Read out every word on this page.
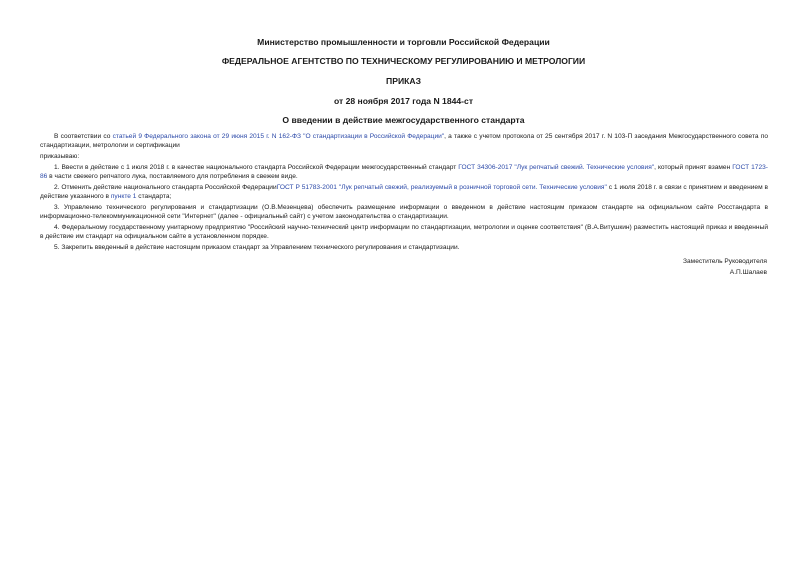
Министерство промышленности и торговли Российской Федерации
ФЕДЕРАЛЬНОЕ АГЕНТСТВО ПО ТЕХНИЧЕСКОМУ РЕГУЛИРОВАНИЮ И МЕТРОЛОГИИ
ПРИКАЗ
от 28 ноября 2017 года N 1844-ст
О введении в действие межгосударственного стандарта

В соответствии со статьей 9 Федерального закона от 29 июня 2015 г. N 162-ФЗ "О стандартизации в Российской Федерации", а также с учетом протокола от 25 сентября 2017 г. N 103-П заседания Межгосударственного совета по стандартизации, метрологии и сертификации

приказываю:

1. Ввести в действие с 1 июля 2018 г. в качестве национального стандарта Российской Федерации межгосударственный стандарт ГОСТ 34306-2017 "Лук репчатый свежий. Технические условия", который принят взамен ГОСТ 1723-86 в части свежего репчатого лука, поставляемого для потребления в свежем виде.

2. Отменить действие национального стандарта Российской ФедерацииГОСТ Р 51783-2001 "Лук репчатый свежий, реализуемый в розничной торговой сети. Технические условия" с 1 июля 2018 г. в связи с принятием и введением в действие указанного в пункте 1 стандарта;

3. Управлению технического регулирования и стандартизации (О.В.Мезенцева) обеспечить размещение информации о введенном в действие настоящим приказом стандарте на официальном сайте Росстандарта в информационно-телекоммуникационной сети "Интернет" (далее - официальный сайт) с учетом законодательства о стандартизации.

4. Федеральному государственному унитарному предприятию "Российский научно-технический центр информации по стандартизации, метрологии и оценке соответствия" (В.А.Витушкин) разместить настоящий приказ и введенный в действие им стандарт на официальном сайте в установленном порядке.

5. Закрепить введенный в действие настоящим приказом стандарт за Управлением технического регулирования и стандартизации.

Заместитель Руководителя
А.П.Шалаев
